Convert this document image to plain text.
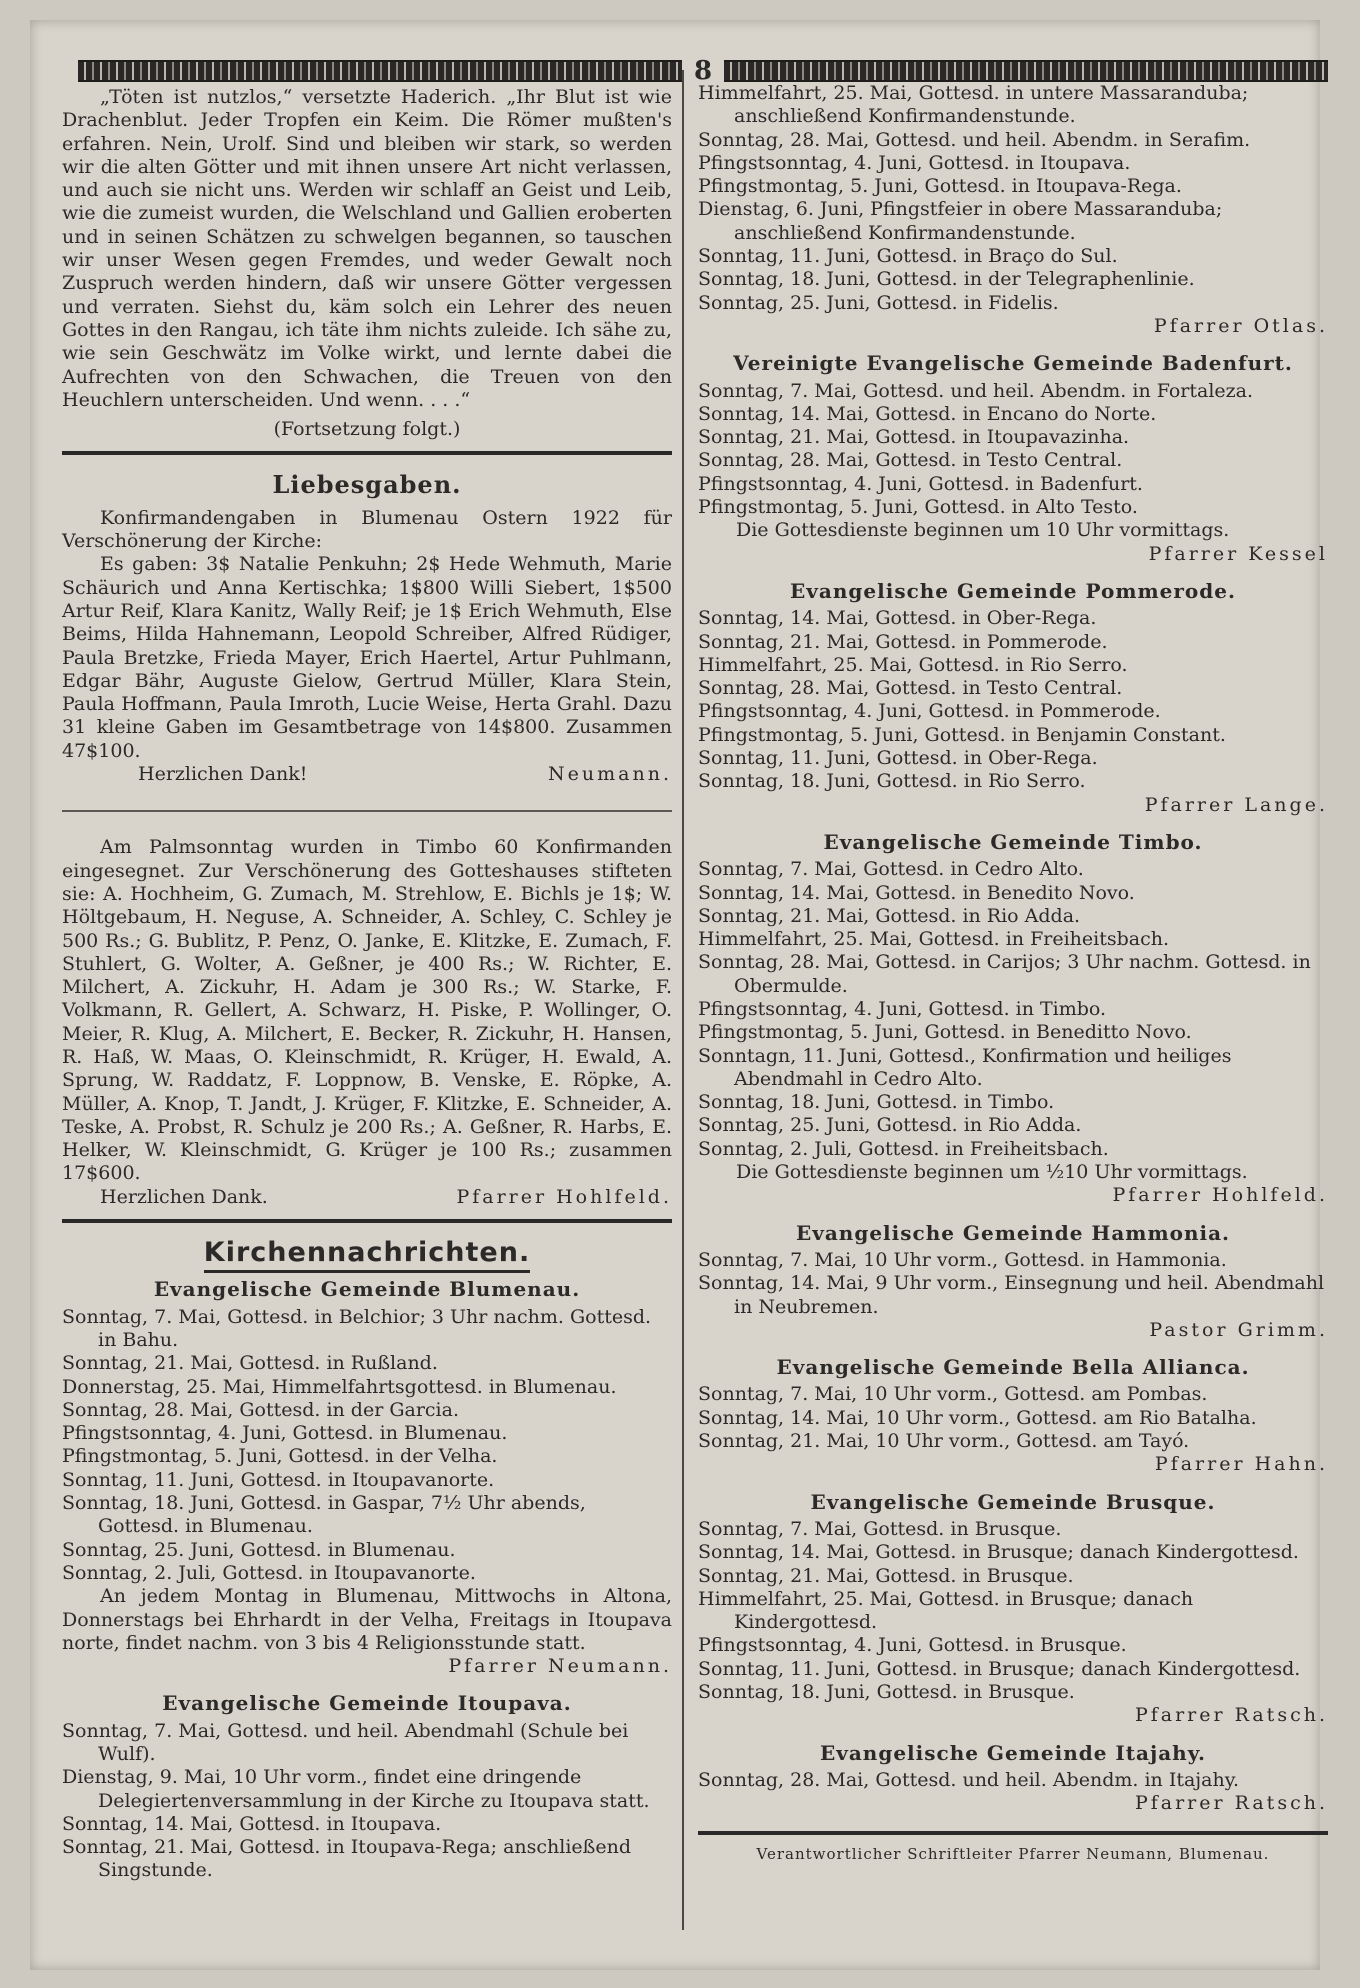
8

„Töten ist nutzlos,“ versetzte Haderich. „Ihr Blut ist wie Drachenblut. Jeder Tropfen ein Keim. Die Römer mußten's erfahren. Nein, Urolf. Sind und bleiben wir stark, so werden wir die alten Götter und mit ihnen unsere Art nicht verlassen, und auch sie nicht uns. Werden wir schlaff an Geist und Leib, wie die zumeist wurden, die Welschland und Gallien eroberten und in seinen Schätzen zu schwelgen begannen, so tauschen wir unser Wesen gegen Fremdes, und weder Gewalt noch Zuspruch werden hindern, daß wir unsere Götter vergessen und verraten. Siehst du, käm solch ein Lehrer des neuen Gottes in den Rangau, ich täte ihm nichts zuleide. Ich sähe zu, wie sein Geschwätz im Volke wirkt, und lernte dabei die Aufrechten von den Schwachen, die Treuen von den Heuchlern unterscheiden. Und wenn. . . .“

(Fortsetzung folgt.)

Liebesgaben.

Konfirmandengaben in Blumenau Ostern 1922 für Verschönerung der Kirche:

Es gaben: 3$ Natalie Penkuhn; 2$ Hede Wehmuth, Marie Schäurich und Anna Kertischka; 1$800 Willi Siebert, 1$500 Artur Reif, Klara Kanitz, Wally Reif; je 1$ Erich Wehmuth, Else Beims, Hilda Hahnemann, Leopold Schreiber, Alfred Rüdiger, Paula Bretzke, Frieda Mayer, Erich Haertel, Artur Puhlmann, Edgar Bähr, Auguste Gielow, Gertrud Müller, Klara Stein, Paula Hoffmann, Paula Imroth, Lucie Weise, Herta Grahl. Dazu 31 kleine Gaben im Gesamtbetrage von 14$800. Zusammen 47$100.

Herzlichen Dank!	Neumann.

Am Palmsonntag wurden in Timbo 60 Konfirmanden eingesegnet. Zur Verschönerung des Gotteshauses stifteten sie: A. Hochheim, G. Zumach, M. Strehlow, E. Bichls je 1$; W. Höltgebaum, H. Neguse, A. Schneider, A. Schley, C. Schley je 500 Rs.; G. Bublitz, P. Penz, O. Janke, E. Klitzke, E. Zumach, F. Stuhlert, G. Wolter, A. Geßner, je 400 Rs.; W. Richter, E. Milchert, A. Zickuhr, H. Adam je 300 Rs.; W. Starke, F. Volkmann, R. Gellert, A. Schwarz, H. Piske, P. Wollinger, O. Meier, R. Klug, A. Milchert, E. Becker, R. Zickuhr, H. Hansen, R. Haß, W. Maas, O. Kleinschmidt, R. Krüger, H. Ewald, A. Sprung, W. Raddatz, F. Loppnow, B. Venske, E. Röpke, A. Müller, A. Knop, T. Jandt, J. Krüger, F. Klitzke, E. Schneider, A. Teske, A. Probst, R. Schulz je 200 Rs.; A. Geßner, R. Harbs, E. Helker, W. Kleinschmidt, G. Krüger je 100 Rs.; zusammen 17$600.

Herzlichen Dank.	Pfarrer Hohlfeld.
Kirchennachrichten.
Evangelische Gemeinde Blumenau.

Sonntag, 7. Mai, Gottesd. in Belchior; 3 Uhr nachm. Gottesd. in Bahu.

Sonntag, 21. Mai, Gottesd. in Rußland.

Donnerstag, 25. Mai, Himmelfahrtsgottesd. in Blumenau.

Sonntag, 28. Mai, Gottesd. in der Garcia.

Pfingstsonntag, 4. Juni, Gottesd. in Blumenau.

Pfingstmontag, 5. Juni, Gottesd. in der Velha.

Sonntag, 11. Juni, Gottesd. in Itoupavanorte.

Sonntag, 18. Juni, Gottesd. in Gaspar, 7½ Uhr abends, Gottesd. in Blumenau.

Sonntag, 25. Juni, Gottesd. in Blumenau.

Sonntag, 2. Juli, Gottesd. in Itoupavanorte.

An jedem Montag in Blumenau, Mittwochs in Altona, Donnerstags bei Ehrhardt in der Velha, Freitags in Itoupava norte, findet nachm. von 3 bis 4 Religionsstunde statt.

Pfarrer Neumann.

Evangelische Gemeinde Itoupava.

Sonntag, 7. Mai, Gottesd. und heil. Abendmahl (Schule bei Wulf).

Dienstag, 9. Mai, 10 Uhr vorm., findet eine dringende Delegiertenversammlung in der Kirche zu Itoupava statt.

Sonntag, 14. Mai, Gottesd. in Itoupava.

Sonntag, 21. Mai, Gottesd. in Itoupava-Rega; anschließend Singstunde.

Himmelfahrt, 25. Mai, Gottesd. in untere Massaranduba; anschließend Konfirmandenstunde.

Sonntag, 28. Mai, Gottesd. und heil. Abendm. in Serafim.

Pfingstsonntag, 4. Juni, Gottesd. in Itoupava.

Pfingstmontag, 5. Juni, Gottesd. in Itoupava-Rega.

Dienstag, 6. Juni, Pfingstfeier in obere Massaranduba; anschließend Konfirmandenstunde.

Sonntag, 11. Juni, Gottesd. in Braço do Sul.

Sonntag, 18. Juni, Gottesd. in der Telegraphenlinie.

Sonntag, 25. Juni, Gottesd. in Fidelis.

Pfarrer Otlas.

Vereinigte Evangelische Gemeinde Badenfurt.

Sonntag, 7. Mai, Gottesd. und heil. Abendm. in Fortaleza.

Sonntag, 14. Mai, Gottesd. in Encano do Norte.

Sonntag, 21. Mai, Gottesd. in Itoupavazinha.

Sonntag, 28. Mai, Gottesd. in Testo Central.

Pfingstsonntag, 4. Juni, Gottesd. in Badenfurt.

Pfingstmontag, 5. Juni, Gottesd. in Alto Testo.

Die Gottesdienste beginnen um 10 Uhr vormittags.

Pfarrer Kessel

Evangelische Gemeinde Pommerode.

Sonntag, 14. Mai, Gottesd. in Ober-Rega.

Sonntag, 21. Mai, Gottesd. in Pommerode.

Himmelfahrt, 25. Mai, Gottesd. in Rio Serro.

Sonntag, 28. Mai, Gottesd. in Testo Central.

Pfingstsonntag, 4. Juni, Gottesd. in Pommerode.

Pfingstmontag, 5. Juni, Gottesd. in Benjamin Constant.

Sonntag, 11. Juni, Gottesd. in Ober-Rega.

Sonntag, 18. Juni, Gottesd. in Rio Serro.

Pfarrer Lange.

Evangelische Gemeinde Timbo.

Sonntag, 7. Mai, Gottesd. in Cedro Alto.

Sonntag, 14. Mai, Gottesd. in Benedito Novo.

Sonntag, 21. Mai, Gottesd. in Rio Adda.

Himmelfahrt, 25. Mai, Gottesd. in Freiheitsbach.

Sonntag, 28. Mai, Gottesd. in Carijos; 3 Uhr nachm. Gottesd. in Obermulde.

Pfingstsonntag, 4. Juni, Gottesd. in Timbo.

Pfingstmontag, 5. Juni, Gottesd. in Beneditto Novo.

Sonntagn, 11. Juni, Gottesd., Konfirmation und heiliges Abendmahl in Cedro Alto.

Sonntag, 18. Juni, Gottesd. in Timbo.

Sonntag, 25. Juni, Gottesd. in Rio Adda.

Sonntag, 2. Juli, Gottesd. in Freiheitsbach.

Die Gottesdienste beginnen um ½10 Uhr vormittags.

Pfarrer Hohlfeld.

Evangelische Gemeinde Hammonia.

Sonntag, 7. Mai, 10 Uhr vorm., Gottesd. in Hammonia.

Sonntag, 14. Mai, 9 Uhr vorm., Einsegnung und heil. Abendmahl in Neubremen.

Pastor Grimm.

Evangelische Gemeinde Bella Allianca.

Sonntag, 7. Mai, 10 Uhr vorm., Gottesd. am Pombas.

Sonntag, 14. Mai, 10 Uhr vorm., Gottesd. am Rio Batalha.

Sonntag, 21. Mai, 10 Uhr vorm., Gottesd. am Tayó.

Pfarrer Hahn.

Evangelische Gemeinde Brusque.

Sonntag, 7. Mai, Gottesd. in Brusque.

Sonntag, 14. Mai, Gottesd. in Brusque; danach Kindergottesd.

Sonntag, 21. Mai, Gottesd. in Brusque.

Himmelfahrt, 25. Mai, Gottesd. in Brusque; danach Kindergottesd.

Pfingstsonntag, 4. Juni, Gottesd. in Brusque.

Sonntag, 11. Juni, Gottesd. in Brusque; danach Kindergottesd.

Sonntag, 18. Juni, Gottesd. in Brusque.

Pfarrer Ratsch.

Evangelische Gemeinde Itajahy.

Sonntag, 28. Mai, Gottesd. und heil. Abendm. in Itajahy.

Pfarrer Ratsch.

Verantwortlicher Schriftleiter Pfarrer Neumann, Blumenau.
